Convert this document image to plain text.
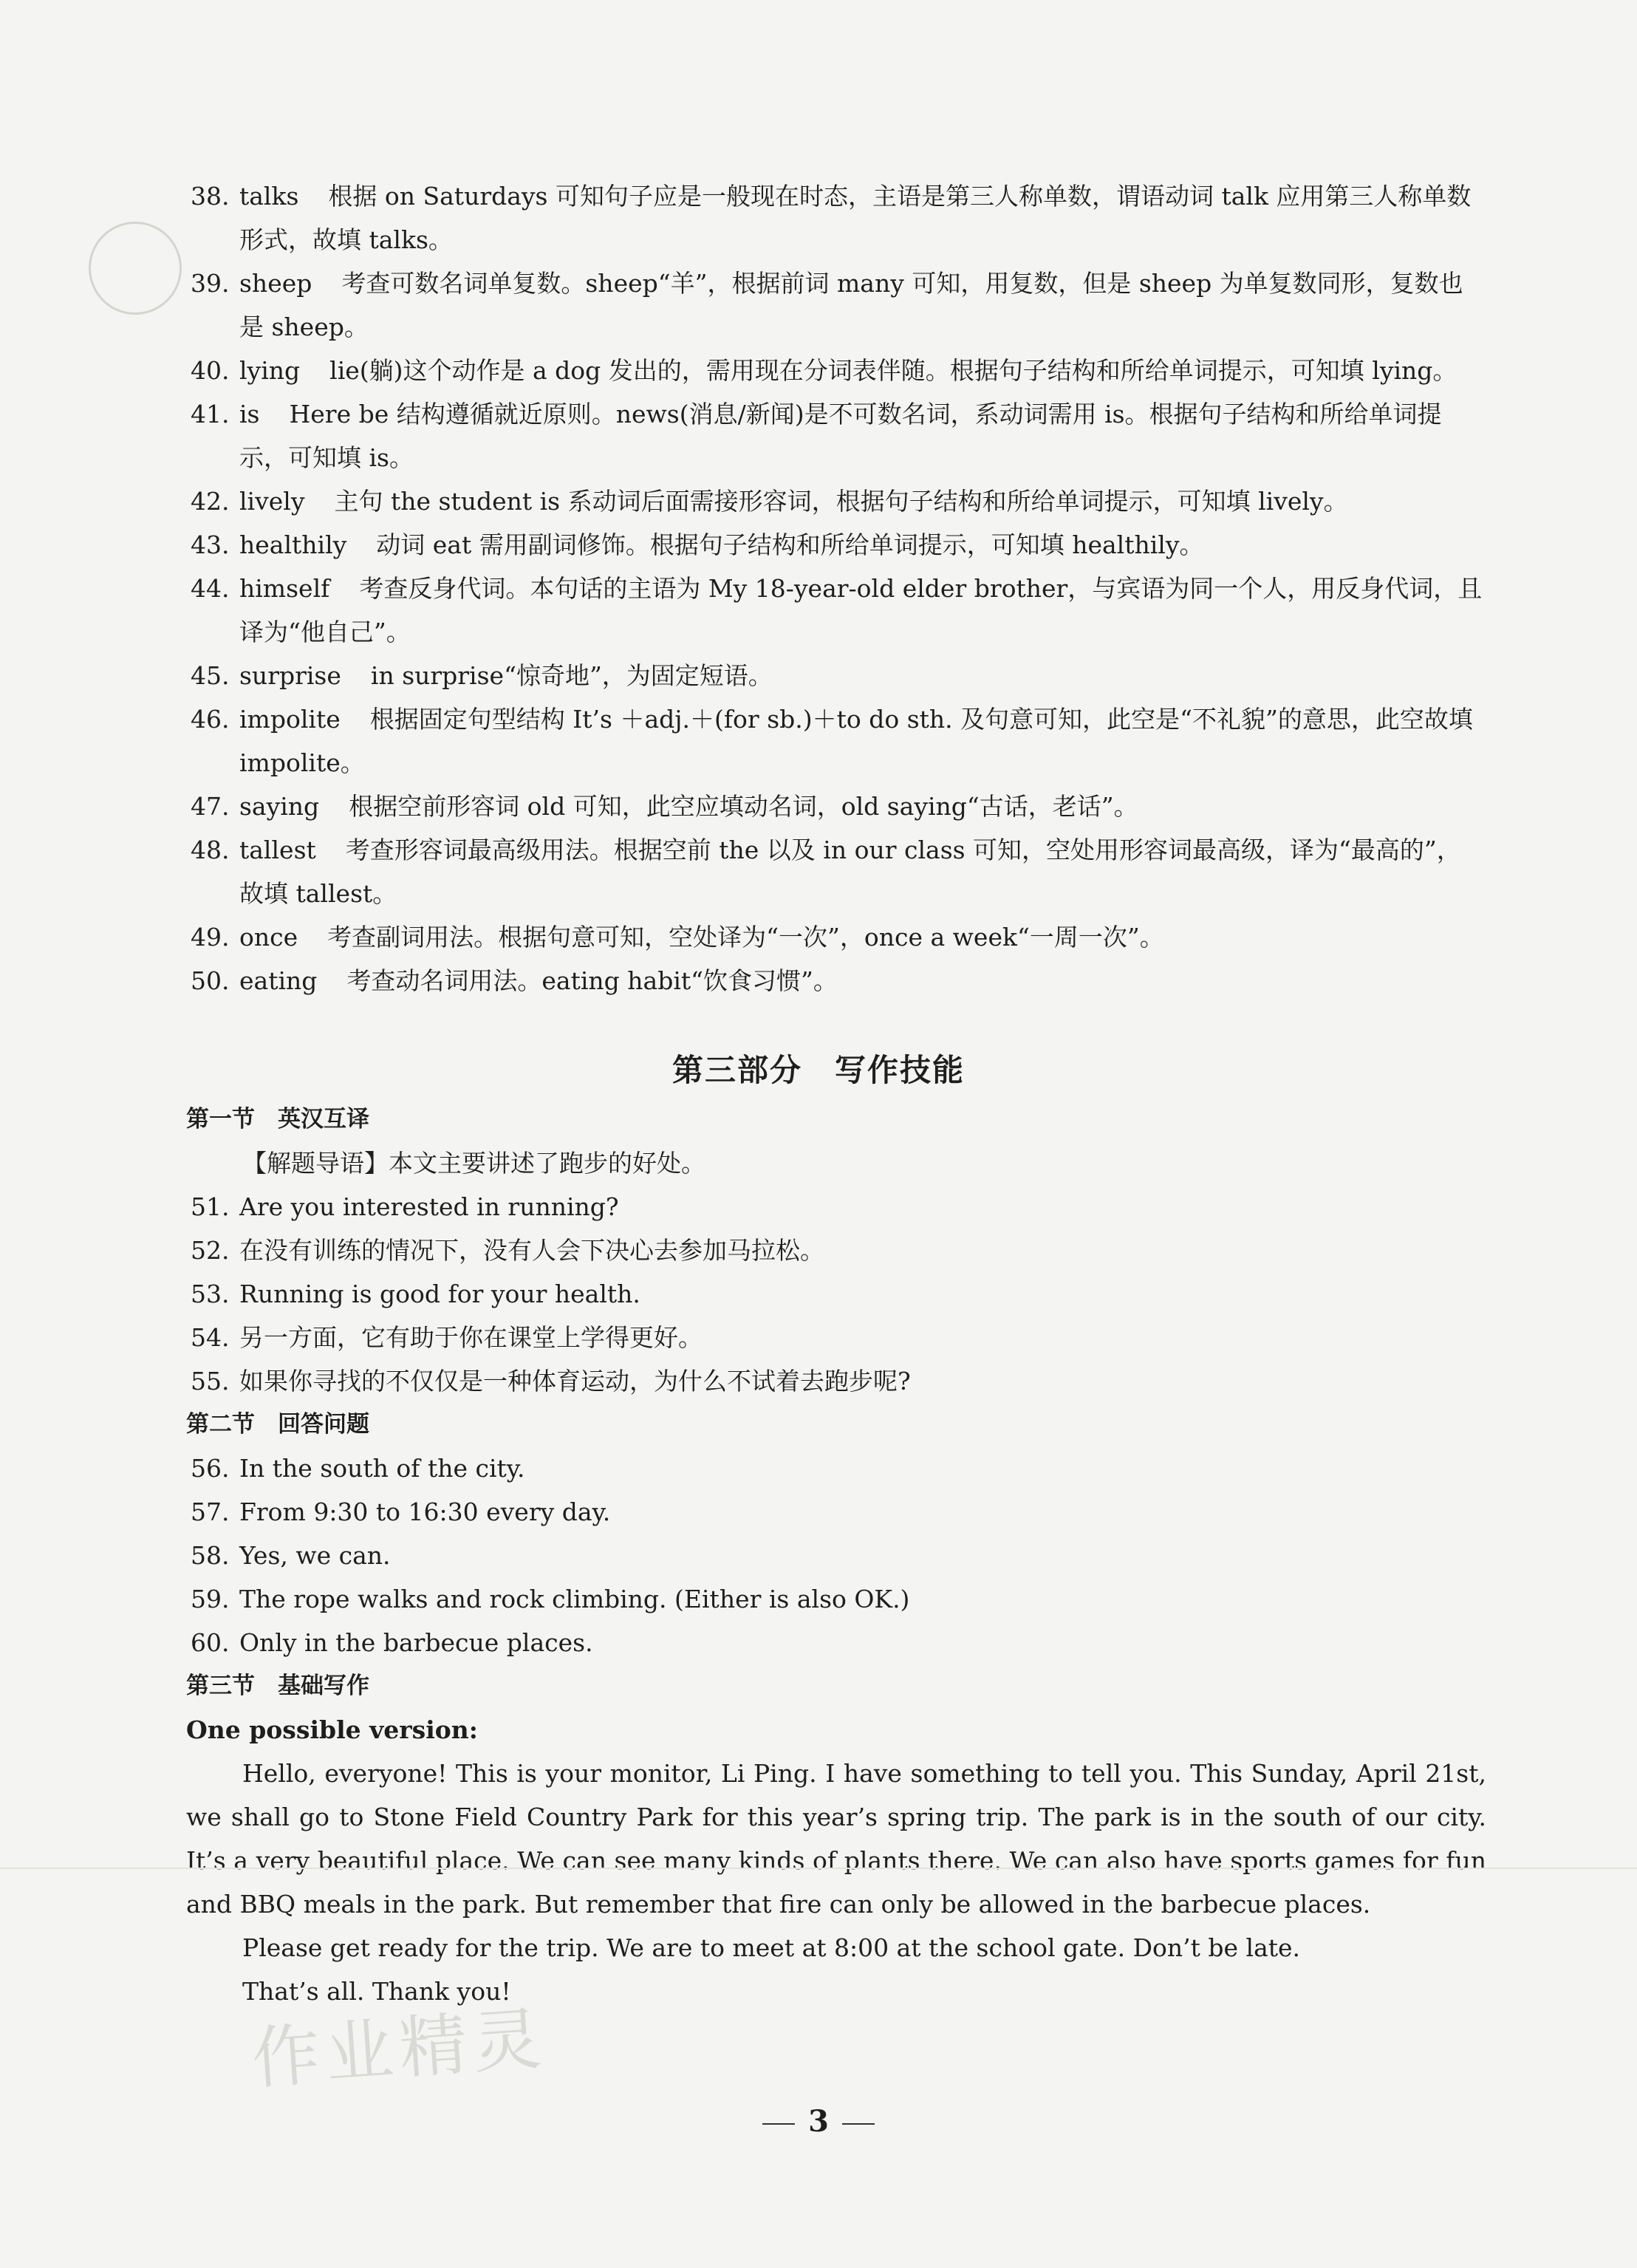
38. talks 根据 on Saturdays 可知句子应是一般现在时态，主语是第三人称单数，谓语动词 talk 应用第三人称单数形式，故填 talks。
39. sheep 考查可数名词单复数。sheep“羊”，根据前词 many 可知，用复数，但是 sheep 为单复数同形，复数也是 sheep。
40. lying lie(躺)这个动作是 a dog 发出的，需用现在分词表伴随。根据句子结构和所给单词提示，可知填 lying。
41. is Here be 结构遵循就近原则。news(消息/新闻)是不可数名词，系动词需用 is。根据句子结构和所给单词提示，可知填 is。
42. lively 主句 the student is 系动词后面需接形容词，根据句子结构和所给单词提示，可知填 lively。
43. healthily 动词 eat 需用副词修饰。根据句子结构和所给单词提示，可知填 healthily。
44. himself 考查反身代词。本句话的主语为 My 18-year-old elder brother，与宾语为同一个人，用反身代词，且译为“他自己”。
45. surprise in surprise“惊奇地”，为固定短语。
46. impolite 根据固定句型结构 It’s ＋adj.＋(for sb.)＋to do sth. 及句意可知，此空是“不礼貌”的意思，此空故填 impolite。
47. saying 根据空前形容词 old 可知，此空应填动名词，old saying“古话，老话”。
48. tallest 考查形容词最高级用法。根据空前 the 以及 in our class 可知，空处用形容词最高级，译为“最高的”，故填 tallest。
49. once 考查副词用法。根据句意可知，空处译为“一次”，once a week“一周一次”。
50. eating 考查动名词用法。eating habit“饮食习惯”。
第三部分　写作技能
第一节　英汉互译
【解题导语】本文主要讲述了跑步的好处。
51. Are you interested in running?
52. 在没有训练的情况下，没有人会下决心去参加马拉松。
53. Running is good for your health.
54. 另一方面，它有助于你在课堂上学得更好。
55. 如果你寻找的不仅仅是一种体育运动，为什么不试着去跑步呢?
第二节　回答问题
56. In the south of the city.
57. From 9:30 to 16:30 every day.
58. Yes, we can.
59. The rope walks and rock climbing. (Either is also OK.)
60. Only in the barbecue places.
第三节　基础写作
One possible version:

Hello, everyone! This is your monitor, Li Ping. I have something to tell you. This Sunday, April 21st, we shall go to Stone Field Country Park for this year’s spring trip. The park is in the south of our city. It’s a very beautiful place. We can see many kinds of plants there. We can also have sports games for fun and BBQ meals in the park. But remember that fire can only be allowed in the barbecue places.

Please get ready for the trip. We are to meet at 8:00 at the school gate. Don’t be late.

That’s all. Thank you!

作业精灵
3
